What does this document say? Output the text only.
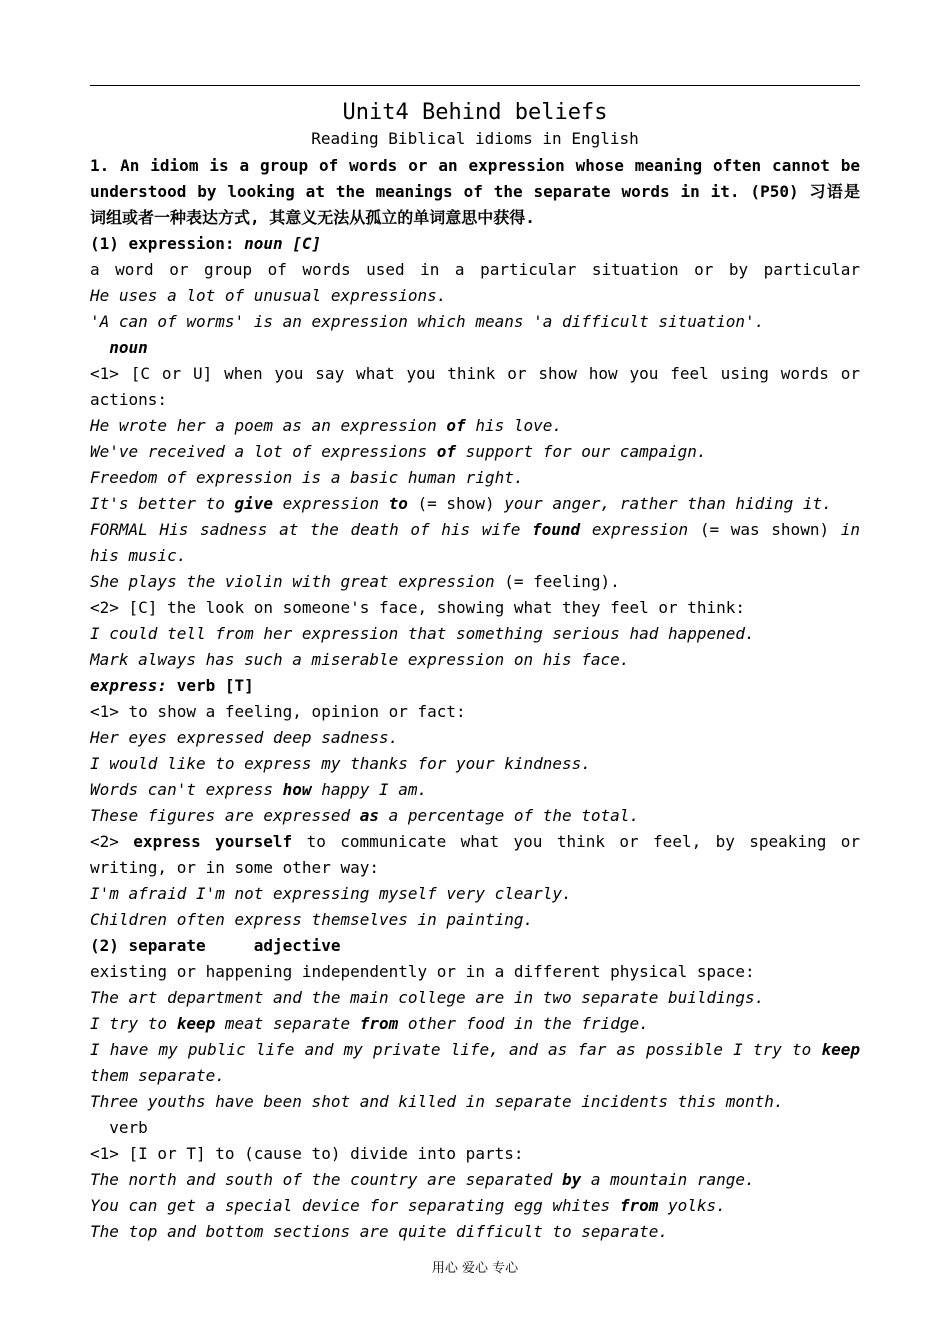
Unit4 Behind beliefs
Reading Biblical idioms in English
1. An idiom is a group of words or an expression whose meaning often cannot be
understood by looking at the meanings of the separate words in it. (P50) 习语是
词组或者一种表达方式, 其意义无法从孤立的单词意思中获得.
(1) expression: noun [C]
a word or group of words used in a particular situation or by particular
He uses a lot of unusual expressions.
'A can of worms' is an expression which means 'a difficult situation'.
noun
<1> [C or U] when you say what you think or show how you feel using words or
actions:
He wrote her a poem as an expression of his love.
We've received a lot of expressions of support for our campaign.
Freedom of expression is a basic human right.
It's better to give expression to (= show) your anger, rather than hiding it.
FORMAL His sadness at the death of his wife found expression (= was shown) in
his music.
She plays the violin with great expression (= feeling).
<2> [C] the look on someone's face, showing what they feel or think:
I could tell from her expression that something serious had happened.
Mark always has such a miserable expression on his face.
express: verb [T]
<1> to show a feeling, opinion or fact:
Her eyes expressed deep sadness.
I would like to express my thanks for your kindness.
Words can't express how happy I am.
These figures are expressed as a percentage of the total.
<2> express yourself to communicate what you think or feel, by speaking or
writing, or in some other way:
I'm afraid I'm not expressing myself very clearly.
Children often express themselves in painting.
(2) separate     adjective
existing or happening independently or in a different physical space:
The art department and the main college are in two separate buildings.
I try to keep meat separate from other food in the fridge.
I have my public life and my private life, and as far as possible I try to keep
them separate.
Three youths have been shot and killed in separate incidents this month.
verb
<1> [I or T] to (cause to) divide into parts:
The north and south of the country are separated by a mountain range.
You can get a special device for separating egg whites from yolks.
The top and bottom sections are quite difficult to separate.
用心 爱心 专心
